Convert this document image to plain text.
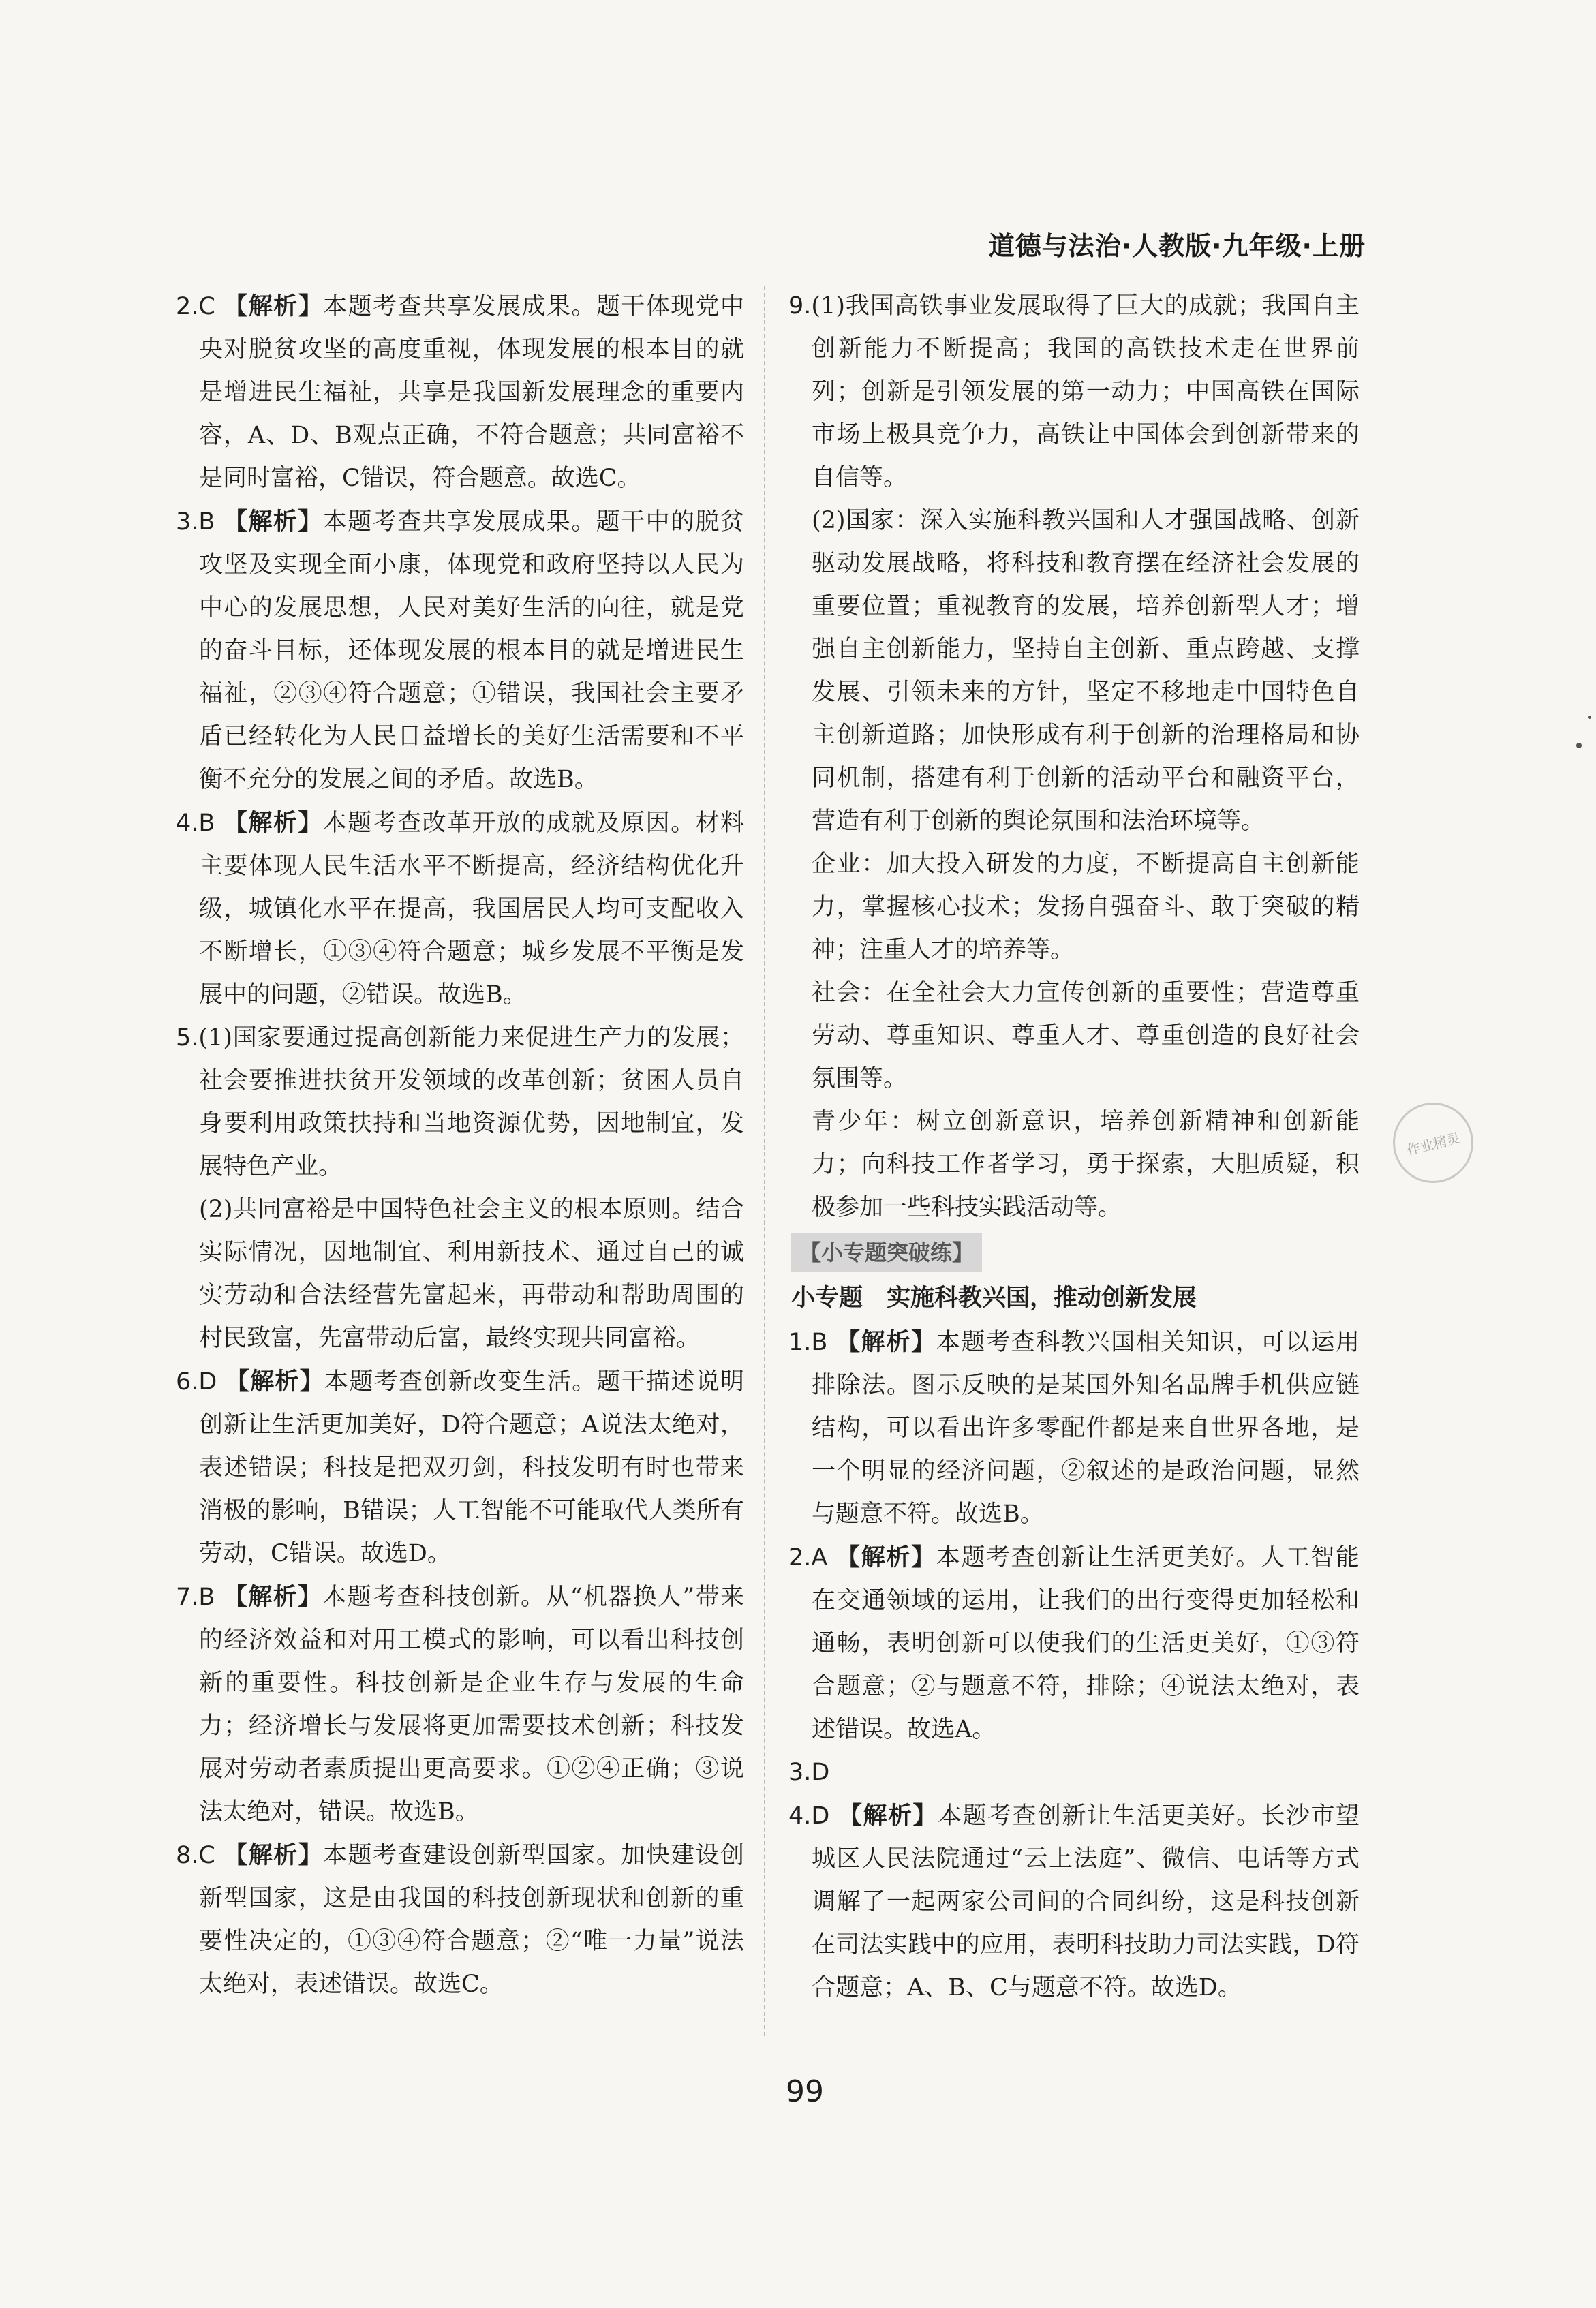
道德与法治·人教版·九年级·上册
2.C 【解析】本题考查共享发展成果。题干体现党中央对脱贫攻坚的高度重视，体现发展的根本目的就是增进民生福祉，共享是我国新发展理念的重要内容，A、D、B观点正确，不符合题意；共同富裕不是同时富裕，C错误，符合题意。故选C。
3.B 【解析】本题考查共享发展成果。题干中的脱贫攻坚及实现全面小康，体现党和政府坚持以人民为中心的发展思想，人民对美好生活的向往，就是党的奋斗目标，还体现发展的根本目的就是增进民生福祉，②③④符合题意；①错误，我国社会主要矛盾已经转化为人民日益增长的美好生活需要和不平衡不充分的发展之间的矛盾。故选B。
4.B 【解析】本题考查改革开放的成就及原因。材料主要体现人民生活水平不断提高，经济结构优化升级，城镇化水平在提高，我国居民人均可支配收入不断增长，①③④符合题意；城乡发展不平衡是发展中的问题，②错误。故选B。
5.(1)国家要通过提高创新能力来促进生产力的发展；社会要推进扶贫开发领域的改革创新；贫困人员自身要利用政策扶持和当地资源优势，因地制宜，发展特色产业。
(2)共同富裕是中国特色社会主义的根本原则。结合实际情况，因地制宜、利用新技术、通过自己的诚实劳动和合法经营先富起来，再带动和帮助周围的村民致富，先富带动后富，最终实现共同富裕。
6.D 【解析】本题考查创新改变生活。题干描述说明创新让生活更加美好，D符合题意；A说法太绝对，表述错误；科技是把双刃剑，科技发明有时也带来消极的影响，B错误；人工智能不可能取代人类所有劳动，C错误。故选D。
7.B 【解析】本题考查科技创新。从“机器换人”带来的经济效益和对用工模式的影响，可以看出科技创新的重要性。科技创新是企业生存与发展的生命力；经济增长与发展将更加需要技术创新；科技发展对劳动者素质提出更高要求。①②④正确；③说法太绝对，错误。故选B。
8.C 【解析】本题考查建设创新型国家。加快建设创新型国家，这是由我国的科技创新现状和创新的重要性决定的，①③④符合题意；②“唯一力量”说法太绝对，表述错误。故选C。
9.(1)我国高铁事业发展取得了巨大的成就；我国自主创新能力不断提高；我国的高铁技术走在世界前列；创新是引领发展的第一动力；中国高铁在国际市场上极具竞争力，高铁让中国体会到创新带来的自信等。
(2)国家：深入实施科教兴国和人才强国战略、创新驱动发展战略，将科技和教育摆在经济社会发展的重要位置；重视教育的发展，培养创新型人才；增强自主创新能力，坚持自主创新、重点跨越、支撑发展、引领未来的方针，坚定不移地走中国特色自主创新道路；加快形成有利于创新的治理格局和协同机制，搭建有利于创新的活动平台和融资平台，营造有利于创新的舆论氛围和法治环境等。
企业：加大投入研发的力度，不断提高自主创新能力，掌握核心技术；发扬自强奋斗、敢于突破的精神；注重人才的培养等。
社会：在全社会大力宣传创新的重要性；营造尊重劳动、尊重知识、尊重人才、尊重创造的良好社会氛围等。
青少年：树立创新意识，培养创新精神和创新能力；向科技工作者学习，勇于探索，大胆质疑，积极参加一些科技实践活动等。
【小专题突破练】
小专题　实施科教兴国，推动创新发展
1.B 【解析】本题考查科教兴国相关知识，可以运用排除法。图示反映的是某国外知名品牌手机供应链结构，可以看出许多零配件都是来自世界各地，是一个明显的经济问题，②叙述的是政治问题，显然与题意不符。故选B。
2.A 【解析】本题考查创新让生活更美好。人工智能在交通领域的运用，让我们的出行变得更加轻松和通畅，表明创新可以使我们的生活更美好，①③符合题意；②与题意不符，排除；④说法太绝对，表述错误。故选A。
3.D
4.D 【解析】本题考查创新让生活更美好。长沙市望城区人民法院通过“云上法庭”、微信、电话等方式调解了一起两家公司间的合同纠纷，这是科技创新在司法实践中的应用，表明科技助力司法实践，D符合题意；A、B、C与题意不符。故选D。
作业精灵
99
